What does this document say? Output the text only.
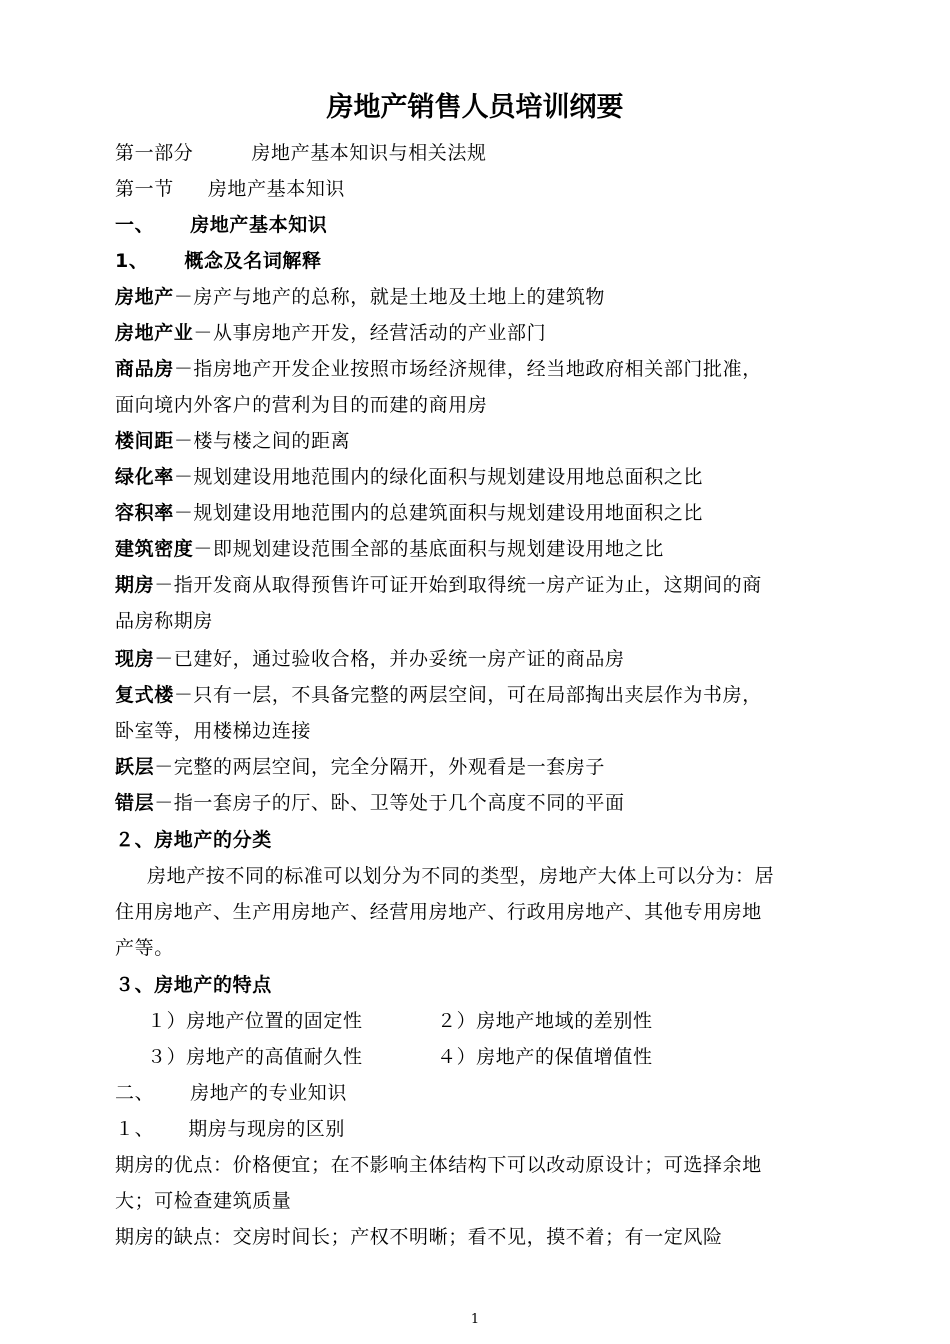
房地产销售人员培训纲要
第一部分	房地产基本知识与相关法规
第一节 房地产基本知识
一、 房地产基本知识
1、 概念及名词解释
房地产－房产与地产的总称，就是土地及土地上的建筑物
房地产业－从事房地产开发，经营活动的产业部门
商品房－指房地产开发企业按照市场经济规律，经当地政府相关部门批准，
面向境内外客户的营利为目的而建的商用房
楼间距－楼与楼之间的距离
绿化率－规划建设用地范围内的绿化面积与规划建设用地总面积之比
容积率－规划建设用地范围内的总建筑面积与规划建设用地面积之比
建筑密度－即规划建设范围全部的基底面积与规划建设用地之比
期房－指开发商从取得预售许可证开始到取得统一房产证为止，这期间的商
品房称期房
现房－已建好，通过验收合格，并办妥统一房产证的商品房
复式楼－只有一层，不具备完整的两层空间，可在局部掏出夹层作为书房，
卧室等，用楼梯边连接
跃层－完整的两层空间，完全分隔开，外观看是一套房子
错层－指一套房子的厅、卧、卫等处于几个高度不同的平面
２、房地产的分类
房地产按不同的标准可以划分为不同的类型，房地产大体上可以分为：居
住用房地产、生产用房地产、经营用房地产、行政用房地产、其他专用房地
产等。
３、房地产的特点
１）房地产位置的固定性	２）房地产地域的差别性
３）房地产的高值耐久性	４）房地产的保值增值性
二、 房地产的专业知识
１、 期房与现房的区别
期房的优点：价格便宜；在不影响主体结构下可以改动原设计；可选择余地
大；可检查建筑质量
期房的缺点：交房时间长；产权不明晰；看不见，摸不着；有一定风险
1
